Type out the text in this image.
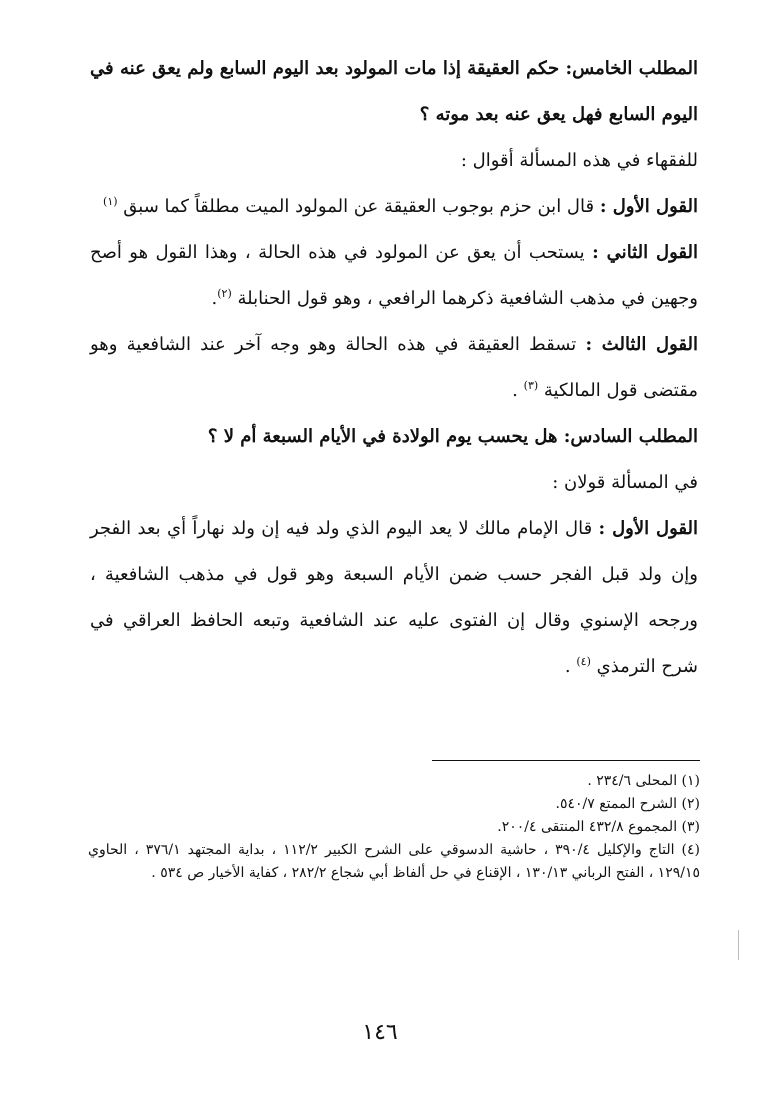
المطلب الخامس: حكم العقيقة إذا مات المولود بعد اليوم السابع ولم يعق عنه في اليوم السابع فهل يعق عنه بعد موته ؟

للفقهاء في هذه المسألة أقوال :

القول الأول : قال ابن حزم بوجوب العقيقة عن المولود الميت مطلقاً كما سبق $^{(١)}$

القول الثاني : يستحب أن يعق عن المولود في هذه الحالة ، وهذا القول هو أصح وجهين في مذهب الشافعية ذكرهما الرافعي ، وهو قول الحنابلة $^{(٢)}$.

القول الثالث : تسقط العقيقة في هذه الحالة وهو وجه آخر عند الشافعية وهو مقتضى قول المالكية $^{(٣)}$ .

المطلب السادس: هل يحسب يوم الولادة في الأيام السبعة أم لا ؟

في المسألة قولان :

القول الأول : قال الإمام مالك لا يعد اليوم الذي ولد فيه إن ولد نهاراً أي بعد الفجر وإن ولد قبل الفجر حسب ضمن الأيام السبعة وهو قول في مذهب الشافعية ، ورجحه الإسنوي وقال إن الفتوى عليه عند الشافعية وتبعه الحافظ العراقي في شرح الترمذي $^{(٤)}$ .

(١) المحلى ٢٣٤/٦ .

(٢) الشرح الممتع ٥٤٠/٧.

(٣) المجموع ٤٣٢/٨ المنتقى ٢٠٠/٤.

(٤) التاج والإكليل ٣٩٠/٤ ، حاشية الدسوقي على الشرح الكبير ١١٢/٢ ، بداية المجتهد ٣٧٦/١ ، الحاوي ١٢٩/١٥ ، الفتح الرباني ١٣٠/١٣ ، الإقناع في حل ألفاظ أبي شجاع ٢٨٢/٢ ، كفاية الأخيار ص ٥٣٤ .

١٤٦
